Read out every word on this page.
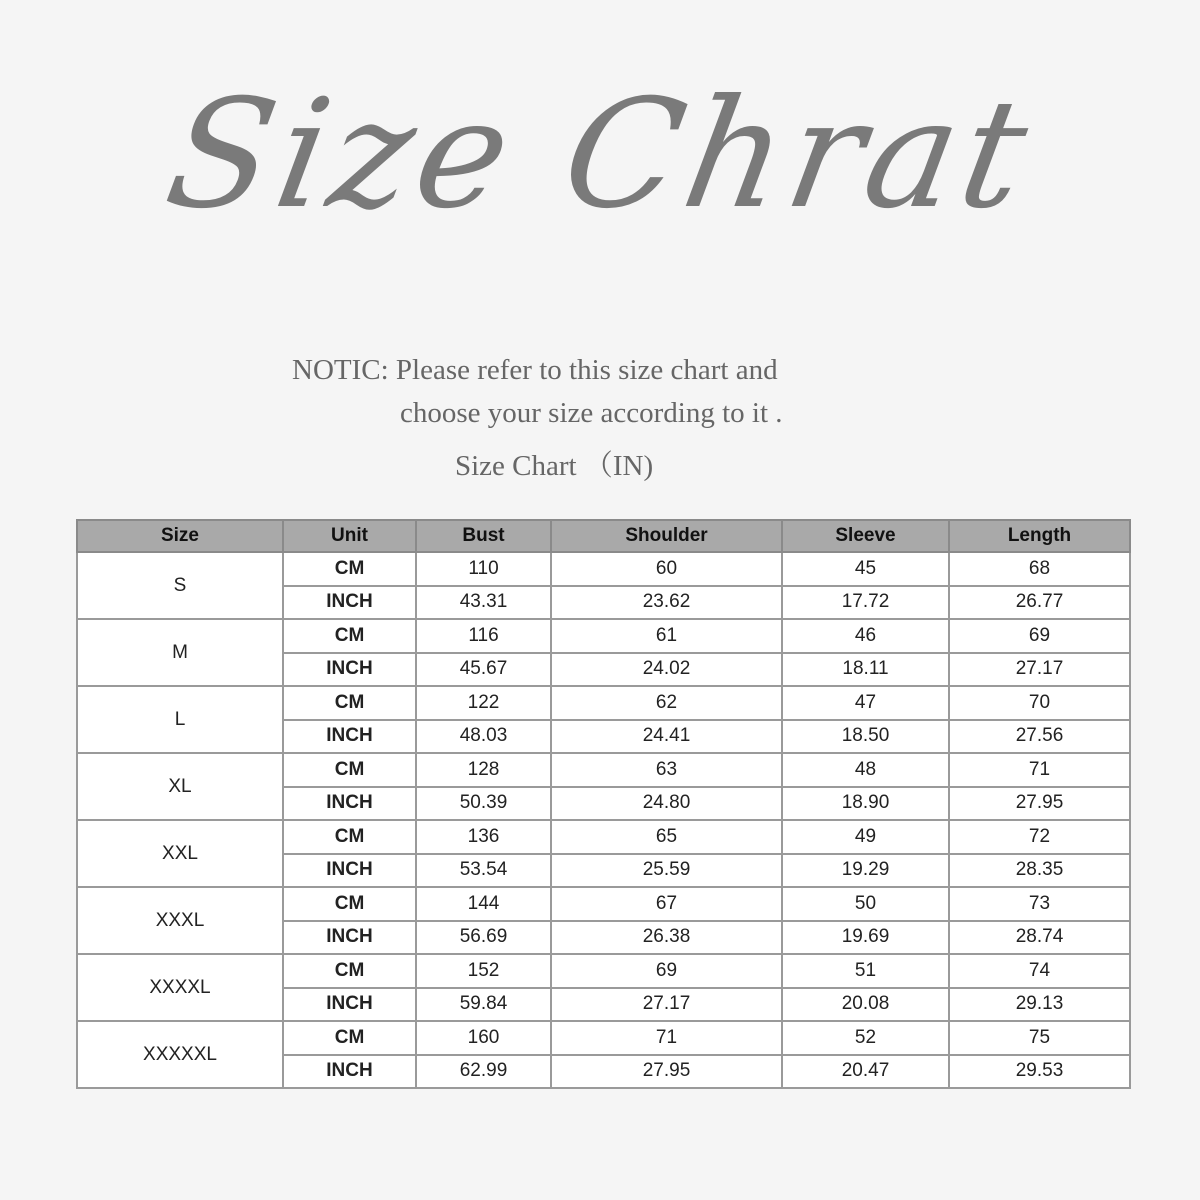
Size Chrat
NOTIC: Please refer to this size chart and
choose your size according to it .
Size Chart （IN)
Size	Unit	Bust	Shoulder	Sleeve	Length
S	CM	110	60	45	68
	INCH	43.31	23.62	17.72	26.77
M	CM	116	61	46	69
	INCH	45.67	24.02	18.11	27.17
L	CM	122	62	47	70
	INCH	48.03	24.41	18.50	27.56
XL	CM	128	63	48	71
	INCH	50.39	24.80	18.90	27.95
XXL	CM	136	65	49	72
	INCH	53.54	25.59	19.29	28.35
XXXL	CM	144	67	50	73
	INCH	56.69	26.38	19.69	28.74
XXXXL	CM	152	69	51	74
	INCH	59.84	27.17	20.08	29.13
XXXXXL	CM	160	71	52	75
	INCH	62.99	27.95	20.47	29.53
